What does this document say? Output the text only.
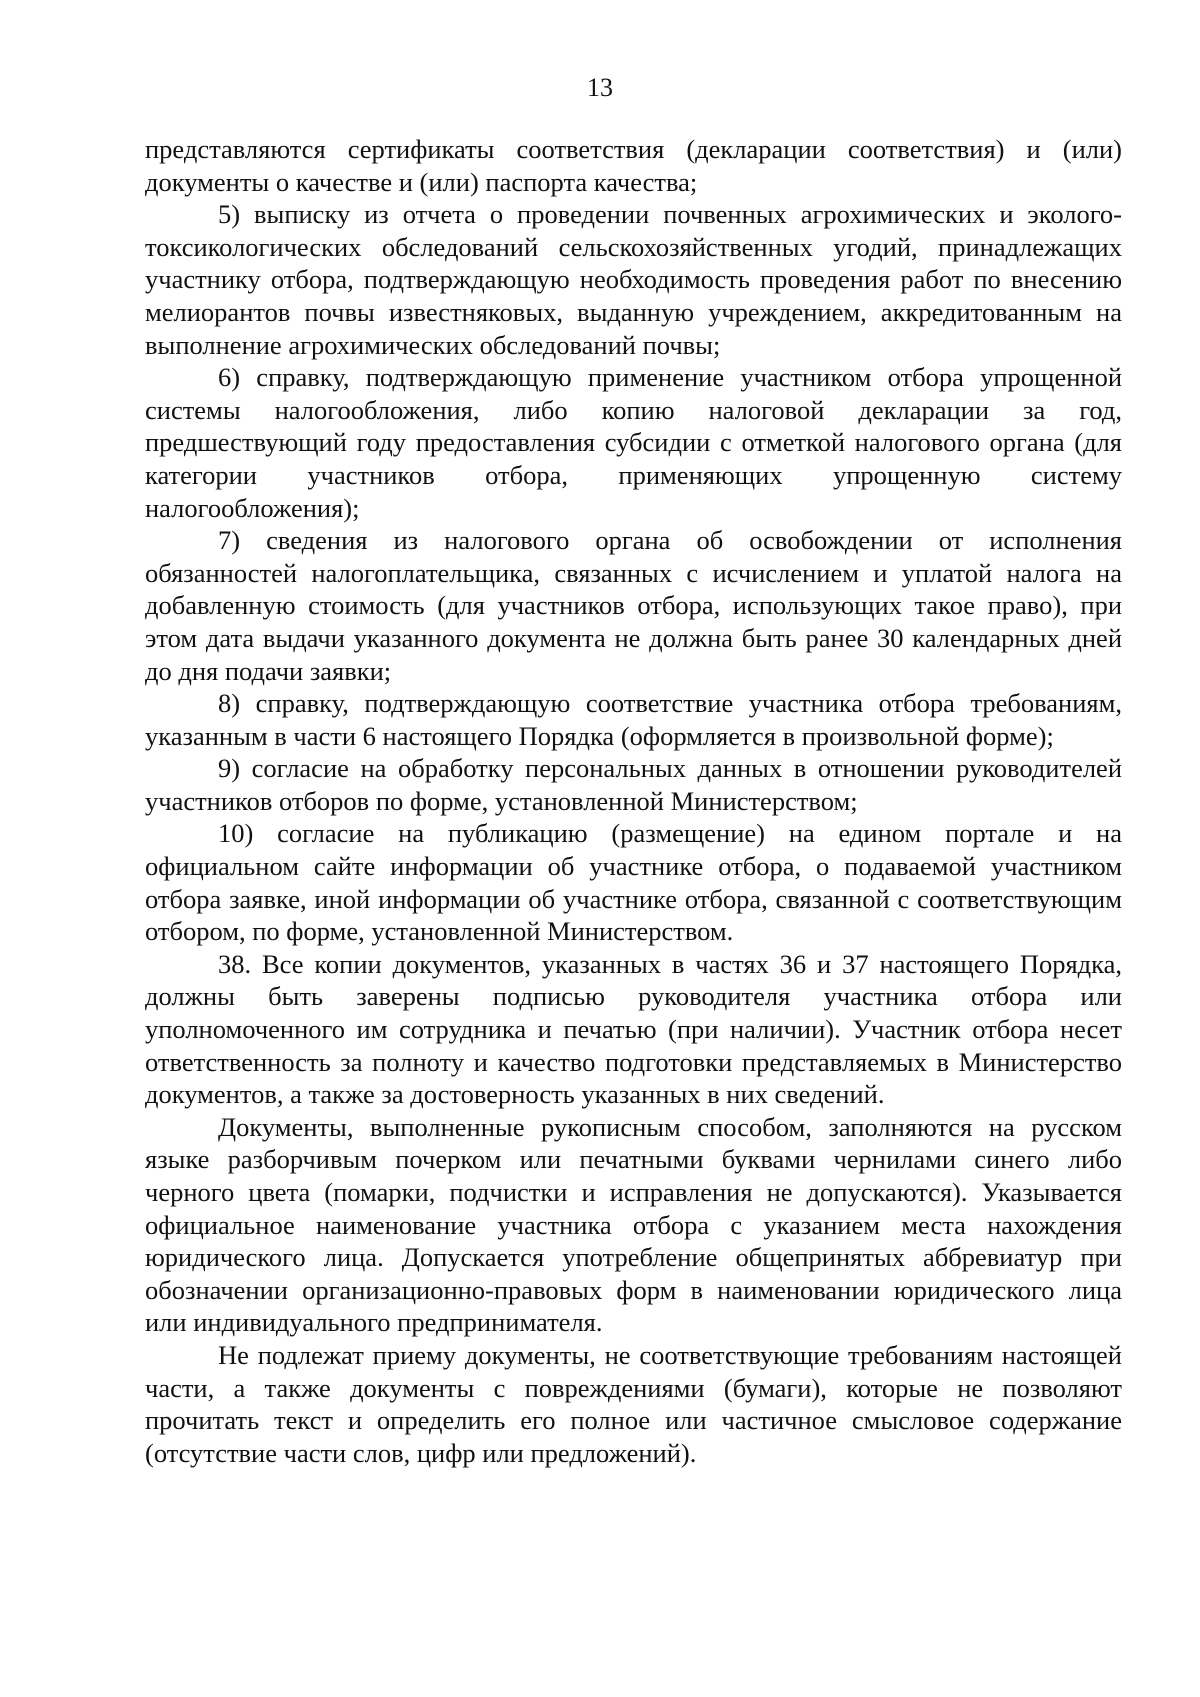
13

представляются сертификаты соответствия (декларации соответствия) и (или) документы о качестве и (или) паспорта качества;

5) выписку из отчета о проведении почвенных агрохимических и эколого-токсикологических обследований сельскохозяйственных угодий, принадлежащих участнику отбора, подтверждающую необходимость проведения работ по внесению мелиорантов почвы известняковых, выданную учреждением, аккредитованным на выполнение агрохимических обследований почвы;

6) справку, подтверждающую применение участником отбора упрощенной системы налогообложения, либо копию налоговой декларации за год, предшествующий году предоставления субсидии с отметкой налогового органа (для категории участников отбора, применяющих упрощенную систему налогообложения);

7) сведения из налогового органа об освобождении от исполнения обязанностей налогоплательщика, связанных с исчислением и уплатой налога на добавленную стоимость (для участников отбора, использующих такое право), при этом дата выдачи указанного документа не должна быть ранее 30 календарных дней до дня подачи заявки;

8) справку, подтверждающую соответствие участника отбора требованиям, указанным в части 6 настоящего Порядка (оформляется в произвольной форме);

9) согласие на обработку персональных данных в отношении руководителей участников отборов по форме, установленной Министерством;

10) согласие на публикацию (размещение) на едином портале и на официальном сайте информации об участнике отбора, о подаваемой участником отбора заявке, иной информации об участнике отбора, связанной с соответствующим отбором, по форме, установленной Министерством.

38. Все копии документов, указанных в частях 36 и 37 настоящего Порядка, должны быть заверены подписью руководителя участника отбора или уполномоченного им сотрудника и печатью (при наличии). Участник отбора несет ответственность за полноту и качество подготовки представляемых в Министерство документов, а также за достоверность указанных в них сведений.

Документы, выполненные рукописным способом, заполняются на русском языке разборчивым почерком или печатными буквами чернилами синего либо черного цвета (помарки, подчистки и исправления не допускаются). Указывается официальное наименование участника отбора с указанием места нахождения юридического лица. Допускается употребление общепринятых аббревиатур при обозначении организационно-правовых форм в наименовании юридического лица или индивидуального предпринимателя.

Не подлежат приему документы, не соответствующие требованиям настоящей части, а также документы с повреждениями (бумаги), которые не позволяют прочитать текст и определить его полное или частичное смысловое содержание (отсутствие части слов, цифр или предложений).
